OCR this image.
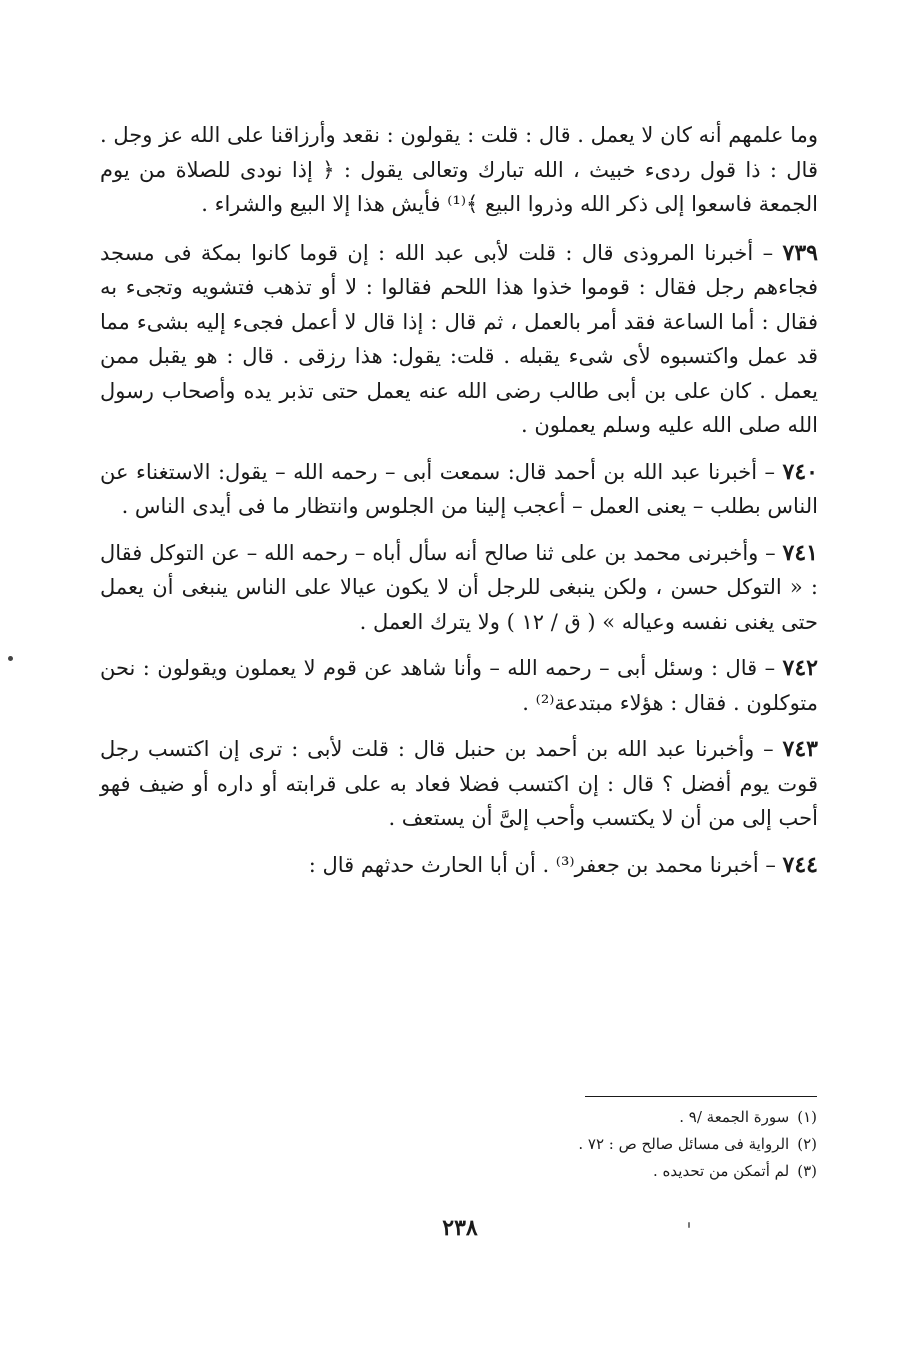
وما علمهم أنه كان لا يعمل . قال : قلت : يقولون : نقعد وأرزاقنا على الله عز وجل . قال : ذا قول ردىء خبيث ، الله تبارك وتعالى يقول : ﴿ إذا نودى للصلاة من يوم الجمعة فاسعوا إلى ذكر الله وذروا البيع ﴾⁽¹⁾ فأيش هذا إلا البيع والشراء .

٧٣٩ – أخبرنا المروذى قال : قلت لأبى عبد الله : إن قوما كانوا بمكة فى مسجد فجاءهم رجل فقال : قوموا خذوا هذا اللحم فقالوا : لا أو تذهب فتشويه وتجىء به فقال : أما الساعة فقد أمر بالعمل ، ثم قال : إذا قال لا أعمل فجىء إليه بشىء مما قد عمل واكتسبوه لأى شىء يقبله . قلت: يقول: هذا رزقى . قال : هو يقبل ممن يعمل . كان على بن أبى طالب رضى الله عنه يعمل حتى تذبر يده وأصحاب رسول الله صلى الله عليه وسلم يعملون .

٧٤٠ – أخبرنا عبد الله بن أحمد قال: سمعت أبى – رحمه الله – يقول: الاستغناء عن الناس بطلب – يعنى العمل – أعجب إلينا من الجلوس وانتظار ما فى أيدى الناس .

٧٤١ – وأخبرنى محمد بن على ثنا صالح أنه سأل أباه – رحمه الله – عن التوكل فقال : « التوكل حسن ، ولكن ينبغى للرجل أن لا يكون عيالا على الناس ينبغى أن يعمل حتى يغنى نفسه وعياله » ( ق / ١٢ ) ولا يترك العمل .

٧٤٢ – قال : وسئل أبى – رحمه الله – وأنا شاهد عن قوم لا يعملون ويقولون : نحن متوكلون . فقال : هؤلاء مبتدعة⁽²⁾ .

٧٤٣ – وأخبرنا عبد الله بن أحمد بن حنبل قال : قلت لأبى : ترى إن اكتسب رجل قوت يوم أفضل ؟ قال : إن اكتسب فضلا فعاد به على قرابته أو داره أو ضيف فهو أحب إلى من أن لا يكتسب وأحب إلىَّ أن يستعف .

٧٤٤ – أخبرنا محمد بن جعفر⁽³⁾ . أن أبا الحارث حدثهم قال :

(١)سورة الجمعة /٩ .
(٢)الرواية فى مسائل صالح ص : ٧٢ .
(٣)لم أتمكن من تحديده .
٢٣٨
